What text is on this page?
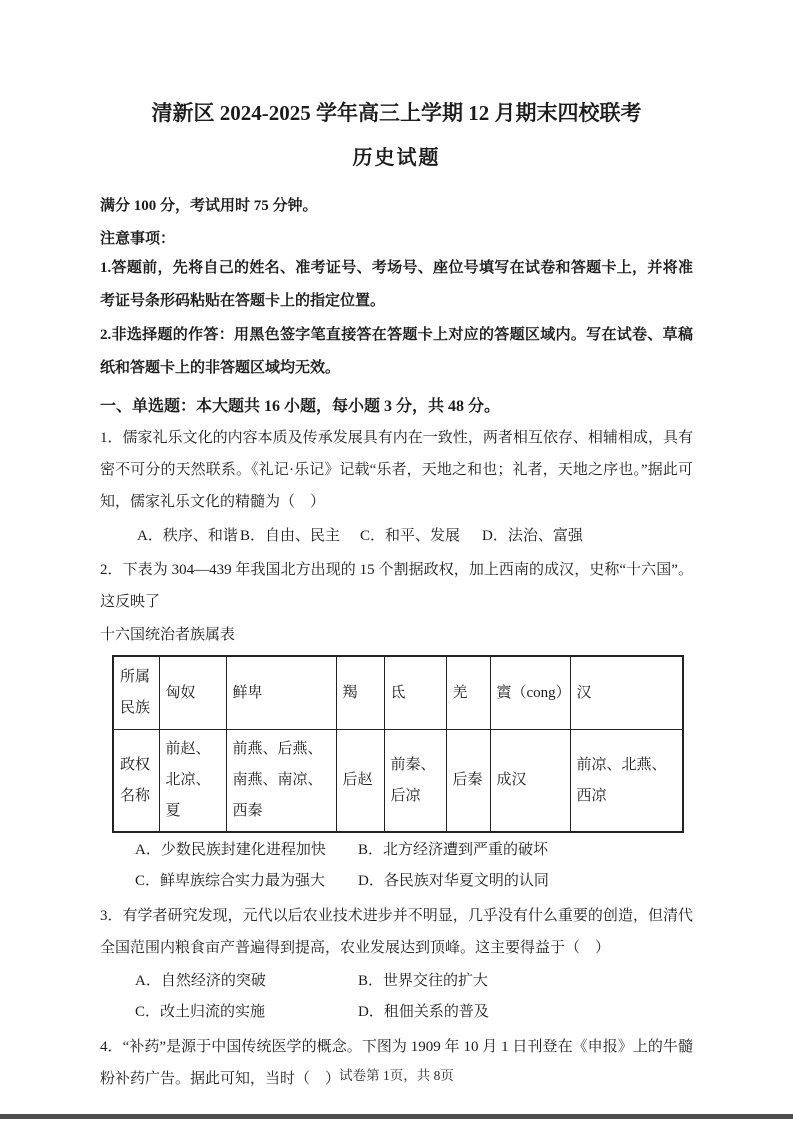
清新区 2024-2025 学年高三上学期 12 月期末四校联考

历史试题

满分 100 分，考试用时 75 分钟。

注意事项：

1.答题前，先将自己的姓名、准考证号、考场号、座位号填写在试卷和答题卡上，并将准考证号条形码粘贴在答题卡上的指定位置。

2.非选择题的作答：用黑色签字笔直接答在答题卡上对应的答题区域内。写在试卷、草稿纸和答题卡上的非答题区域均无效。

一、单选题：本大题共 16 小题，每小题 3 分，共 48 分。

1．儒家礼乐文化的内容本质及传承发展具有内在一致性，两者相互依存、相辅相成，具有密不可分的天然联系。《礼记·乐记》记载“乐者，天地之和也；礼者，天地之序也。”据此可知，儒家礼乐文化的精髓为（　）

A．秩序、和谐 B．自由、民主	C．和平、发展	D．法治、富强

2．下表为 304—439 年我国北方出现的 15 个割据政权，加上西南的成汉，史称“十六国”。这反映了

十六国统治者族属表

所属民族	匈奴	鲜卑	羯	氐	羌	賨（cong）	汉
政权名称	前赵、北凉、夏	前燕、后燕、南燕、南凉、西秦	后赵	前秦、后凉	后秦	成汉	前凉、北燕、西凉
A．少数民族封建化进程加快	B．北方经济遭到严重的破坏
C．鲜卑族综合实力最为强大	D．各民族对华夏文明的认同

3．有学者研究发现，元代以后农业技术进步并不明显，几乎没有什么重要的创造，但清代全国范围内粮食亩产普遍得到提高，农业发展达到顶峰。这主要得益于（　）

A．自然经济的突破	B．世界交往的扩大
C．改土归流的实施	D．租佃关系的普及

4．“补药”是源于中国传统医学的概念。下图为 1909 年 10 月 1 日刊登在《申报》上的牛髓粉补药广告。据此可知，当时（　） 试卷第 1页，共 8页
